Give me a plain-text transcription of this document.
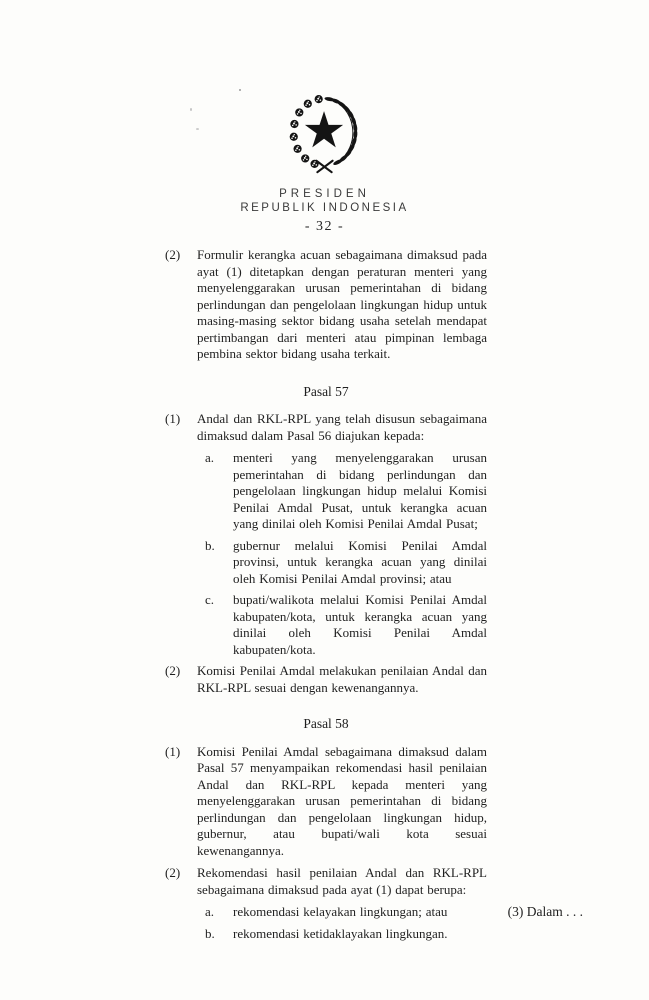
PRESIDEN
REPUBLIK INDONESIA
- 32 -
(2)	Formulir kerangka acuan sebagaimana dimaksud pada ayat (1) ditetapkan dengan peraturan menteri yang menyelenggarakan urusan pemerintahan di bidang perlindungan dan pengelolaan lingkungan hidup untuk masing-masing sektor bidang usaha setelah mendapat pertimbangan dari menteri atau pimpinan lembaga pembina sektor bidang usaha terkait.
Pasal 57
(1)	Andal dan RKL-RPL yang telah disusun sebagaimana dimaksud dalam Pasal 56 diajukan kepada:
a.	menteri yang menyelenggarakan urusan pemerintahan di bidang perlindungan dan pengelolaan lingkungan hidup melalui Komisi Penilai Amdal Pusat, untuk kerangka acuan yang dinilai oleh Komisi Penilai Amdal Pusat;
b.	gubernur melalui Komisi Penilai Amdal provinsi, untuk kerangka acuan yang dinilai oleh Komisi Penilai Amdal provinsi; atau
c.	bupati/walikota melalui Komisi Penilai Amdal kabupaten/kota, untuk kerangka acuan yang dinilai oleh Komisi Penilai Amdal kabupaten/kota.
(2)	Komisi Penilai Amdal melakukan penilaian Andal dan RKL-RPL sesuai dengan kewenangannya.
Pasal 58
(1)	Komisi Penilai Amdal sebagaimana dimaksud dalam Pasal 57 menyampaikan rekomendasi hasil penilaian Andal dan RKL-RPL kepada menteri yang menyelenggarakan urusan pemerintahan di bidang perlindungan dan pengelolaan lingkungan hidup, gubernur, atau bupati/wali kota sesuai kewenangannya.
(2)	Rekomendasi hasil penilaian Andal dan RKL-RPL sebagaimana dimaksud pada ayat (1) dapat berupa:
a.	rekomendasi kelayakan lingkungan; atau
b.	rekomendasi ketidaklayakan lingkungan.
(3) Dalam . . .
